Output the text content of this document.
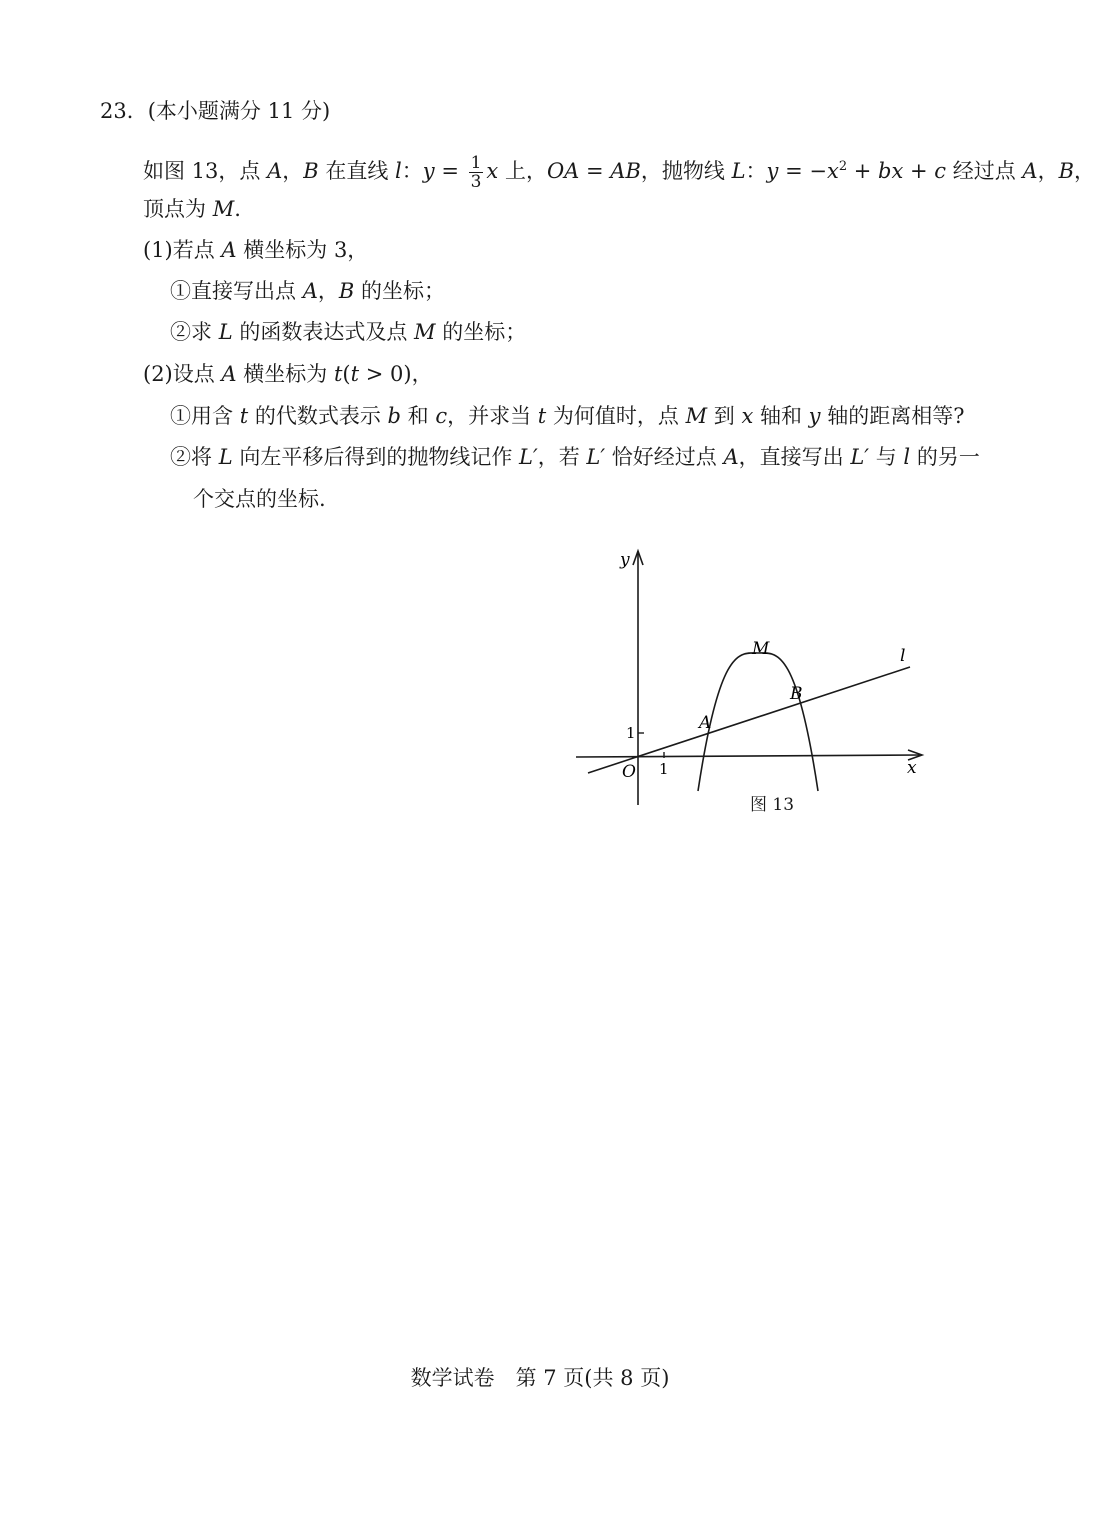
23．(本小题满分 11 分)
如图 13，点 A，B 在直线 l：$y = \frac{1}{3}$ x 上，OA = AB，抛物线 L：$y = -x^2$ + bx + c 经过点 A，B，
顶点为 M.
(1)若点 A 横坐标为 3，
①直接写出点 A，B 的坐标；
②求 L 的函数表达式及点 M 的坐标；
(2)设点 A 横坐标为 t(t > 0)，
①用含 t 的代数式表示 b 和 c，并求当 t 为何值时，点 M 到 x 轴和 y 轴的距离相等?
②将 L 向左平移后得到的抛物线记作 L′，若 L′ 恰好经过点 A，直接写出 L′ 与 l 的另一
个交点的坐标.
y
x
O 1
1
M
A
B
l
图 13
数学试卷　第 7 页(共 8 页)
